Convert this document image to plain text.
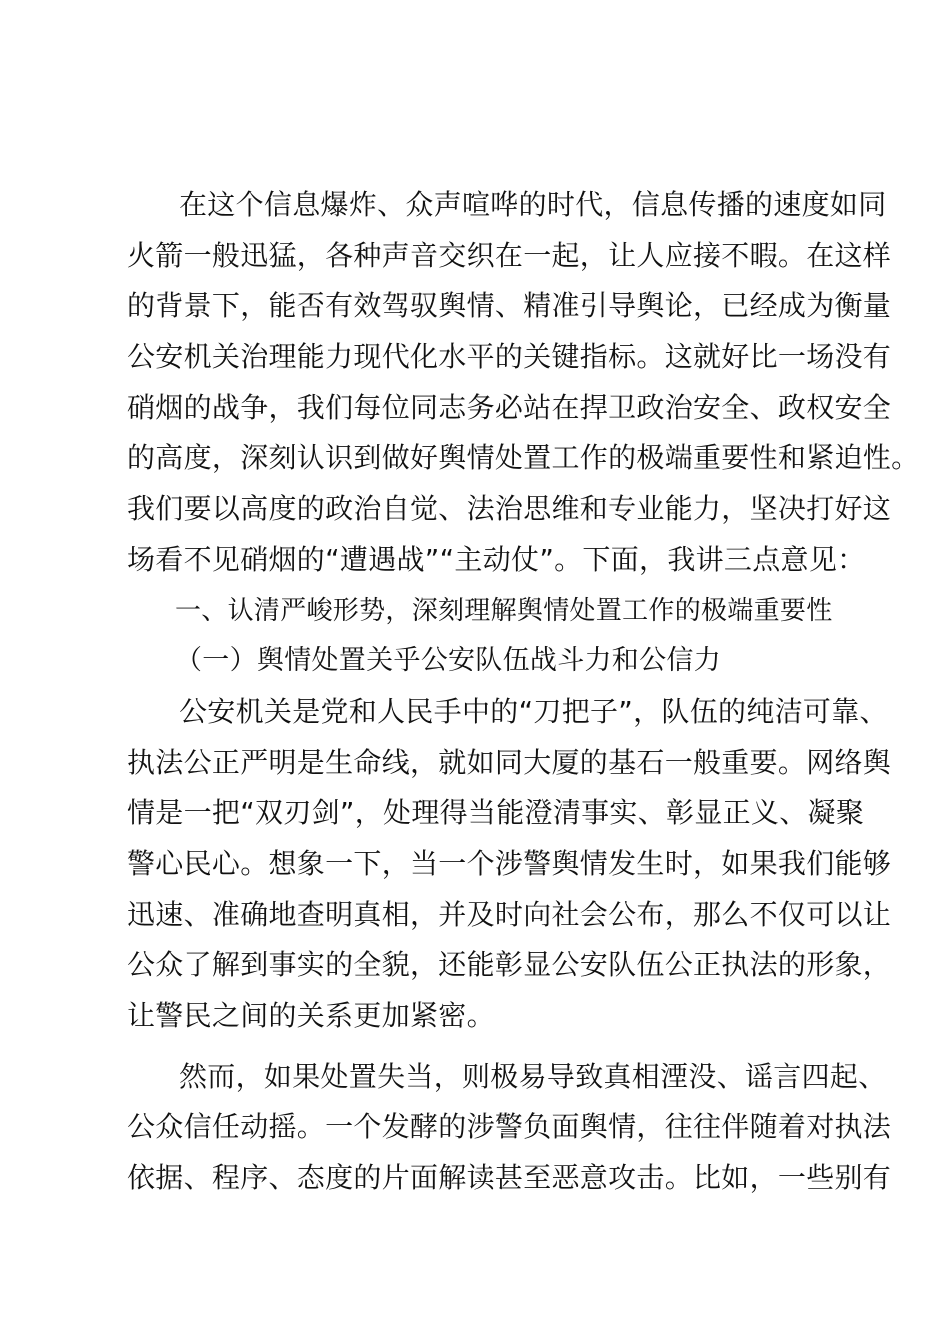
在这个信息爆炸、众声喧哗的时代，信息传播的速度如同
火箭一般迅猛，各种声音交织在一起，让人应接不暇。在这样
的背景下，能否有效驾驭舆情、精准引导舆论，已经成为衡量
公安机关治理能力现代化水平的关键指标。这就好比一场没有
硝烟的战争，我们每位同志务必站在捍卫政治安全、政权安全
的高度，深刻认识到做好舆情处置工作的极端重要性和紧迫性。
我们要以高度的政治自觉、法治思维和专业能力，坚决打好这
场看不见硝烟的“遭遇战”“主动仗”。下面，我讲三点意见：
一、认清严峻形势，深刻理解舆情处置工作的极端重要性
（一）舆情处置关乎公安队伍战斗力和公信力
公安机关是党和人民手中的“刀把子”，队伍的纯洁可靠、
执法公正严明是生命线，就如同大厦的基石一般重要。网络舆
情是一把“双刃剑”，处理得当能澄清事实、彰显正义、凝聚
警心民心。想象一下，当一个涉警舆情发生时，如果我们能够
迅速、准确地查明真相，并及时向社会公布，那么不仅可以让
公众了解到事实的全貌，还能彰显公安队伍公正执法的形象，
让警民之间的关系更加紧密。
然而，如果处置失当，则极易导致真相湮没、谣言四起、
公众信任动摇。一个发酵的涉警负面舆情，往往伴随着对执法
依据、程序、态度的片面解读甚至恶意攻击。比如，一些别有
